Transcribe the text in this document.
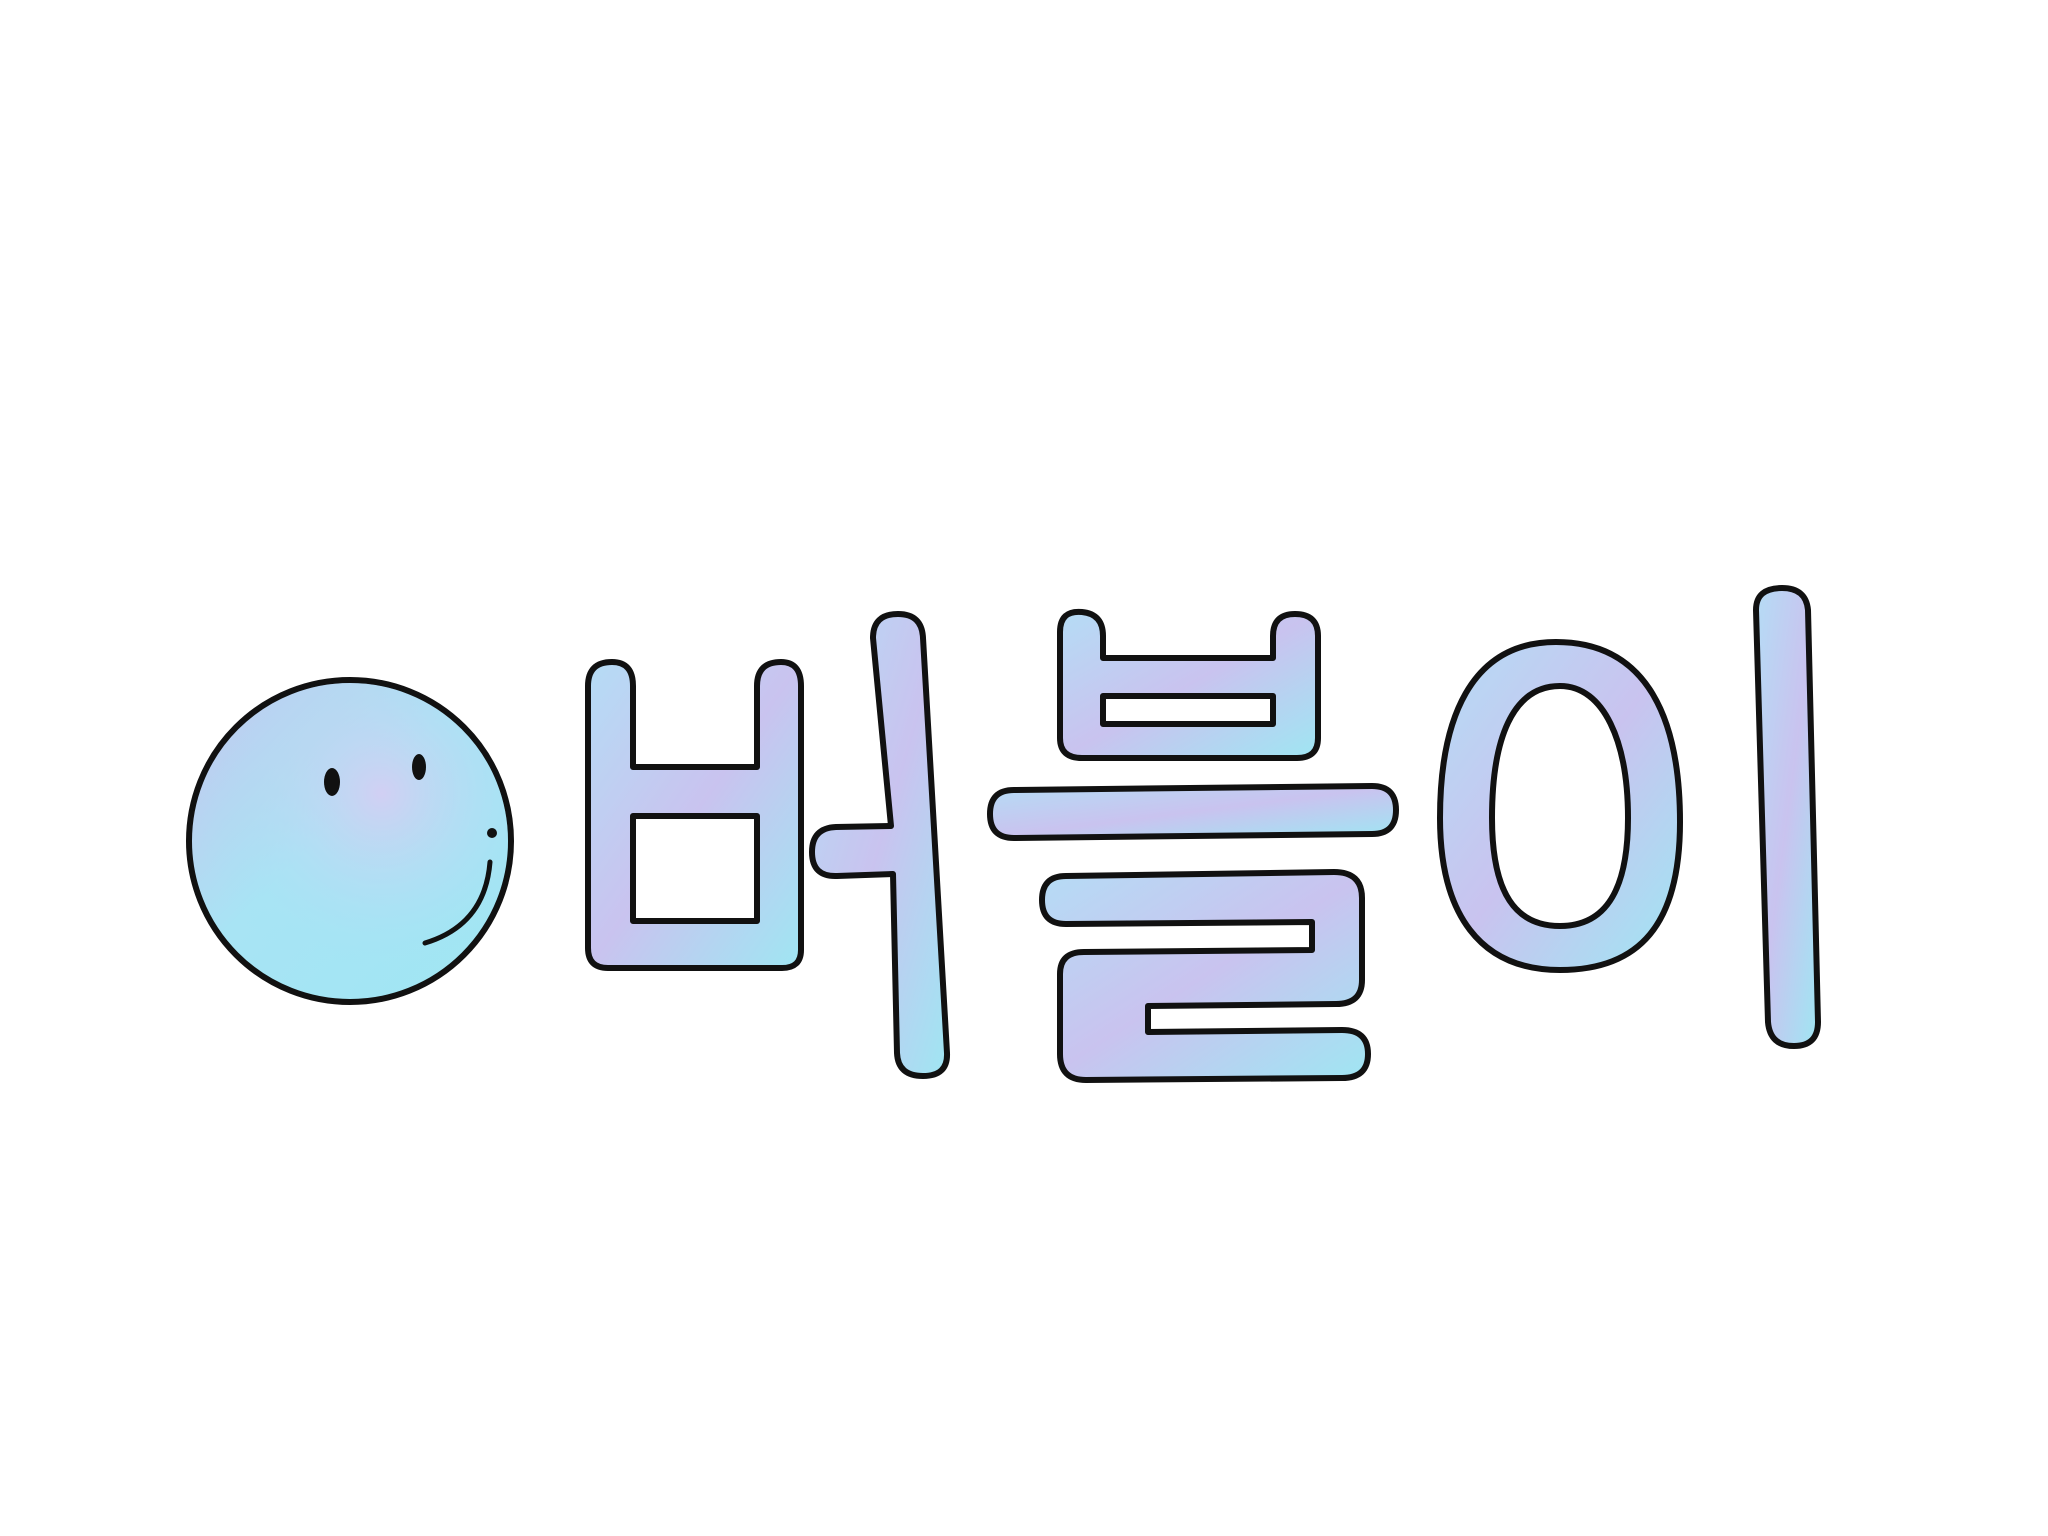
버블이
